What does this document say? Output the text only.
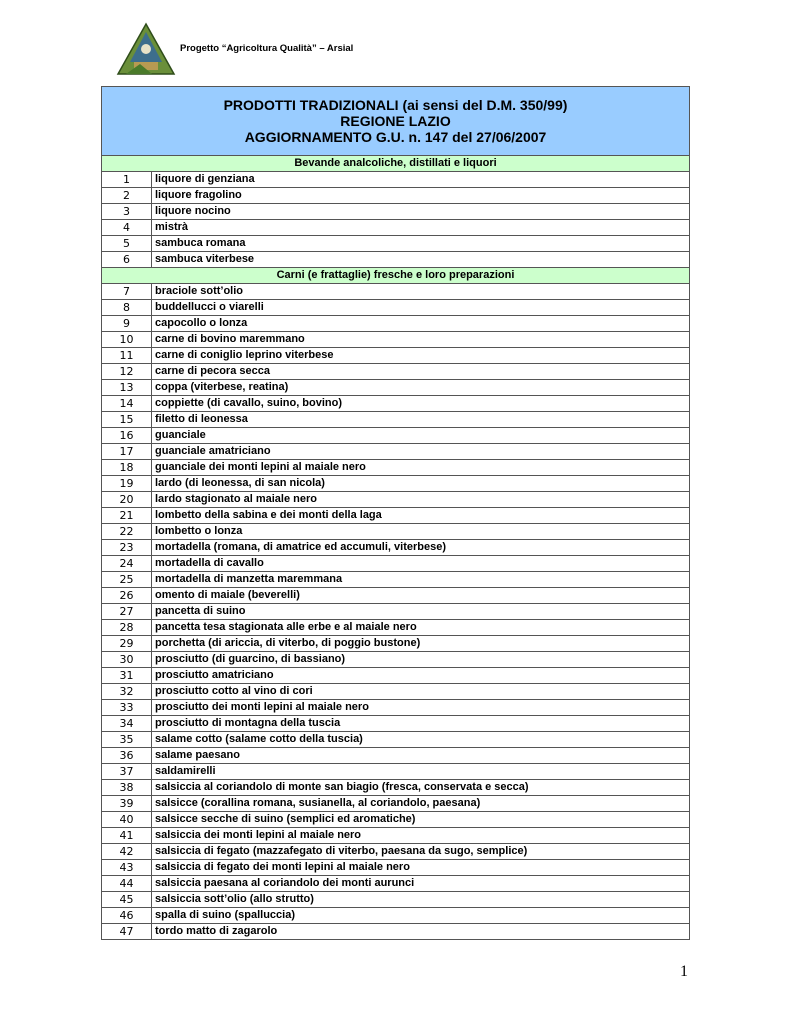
Progetto “Agricoltura Qualità” – Arsial
PRODOTTI TRADIZIONALI (ai sensi del D.M. 350/99)
REGIONE LAZIO
AGGIORNAMENTO G.U. n. 147 del 27/06/2007	

Bevande analcoliche, distillati e liquori	
1	liquore di genziana
2	liquore fragolino
3	liquore nocino
4	mistrà
5	sambuca romana
6	sambuca viterbese
Carni (e frattaglie) fresche e loro preparazioni	
7	braciole sott’olio
8	buddellucci o viarelli
9	capocollo o lonza
10	carne di bovino maremmano
11	carne di coniglio leprino viterbese
12	carne di pecora secca
13	coppa (viterbese, reatina)
14	coppiette (di cavallo, suino, bovino)
15	filetto di leonessa
16	guanciale
17	guanciale amatriciano
18	guanciale dei monti lepini al maiale nero
19	lardo (di leonessa, di san nicola)
20	lardo stagionato al maiale nero
21	lombetto della sabina e dei monti della laga
22	lombetto o lonza
23	mortadella (romana, di amatrice ed accumuli, viterbese)
24	mortadella di cavallo
25	mortadella di manzetta maremmana
26	omento di maiale (beverelli)
27	pancetta di suino
28	pancetta tesa stagionata alle erbe e al maiale nero
29	porchetta (di ariccia, di viterbo, di poggio bustone)
30	prosciutto (di guarcino, di bassiano)
31	prosciutto amatriciano
32	prosciutto cotto al vino di cori
33	prosciutto dei monti lepini al maiale nero
34	prosciutto di montagna della tuscia
35	salame cotto (salame cotto della tuscia)
36	salame paesano
37	saldamirelli
38	salsiccia al coriandolo di monte san biagio (fresca, conservata e secca)
39	salsicce (corallina romana, susianella, al coriandolo, paesana)
40	salsicce secche di suino (semplici ed aromatiche)
41	salsiccia dei monti lepini al maiale nero
42	salsiccia di fegato (mazzafegato di viterbo, paesana da sugo, semplice)
43	salsiccia di fegato dei monti lepini al maiale nero
44	salsiccia paesana al coriandolo dei monti aurunci
45	salsiccia sott’olio (allo strutto)
46	spalla di suino (spalluccia)
47	tordo matto di zagarolo
1
